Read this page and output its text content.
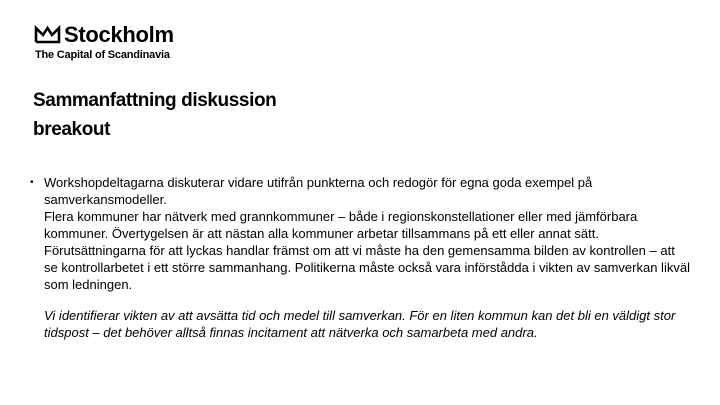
Stockholm
The Capital of Scandinavia
Sammanfattning diskussion
breakout
• Workshopdeltagarna diskuterar vidare utifrån punkterna och redogör för egna goda exempel på samverkansmodeller.

Flera kommuner har nätverk med grannkommuner – både i regionskonstellationer eller med jämförbara kommuner. Övertygelsen är att nästan alla kommuner arbetar tillsammans på ett eller annat sätt. Förutsättningarna för att lyckas handlar främst om att vi måste ha den gemensamma bilden av kontrollen – att se kontrollarbetet i ett större sammanhang. Politikerna måste också vara införstådda i vikten av samverkan likväl som ledningen.

Vi identifierar vikten av att avsätta tid och medel till samverkan. För en liten kommun kan det bli en väldigt stor tidspost – det behöver alltså finnas incitament att nätverka och samarbeta med andra.
